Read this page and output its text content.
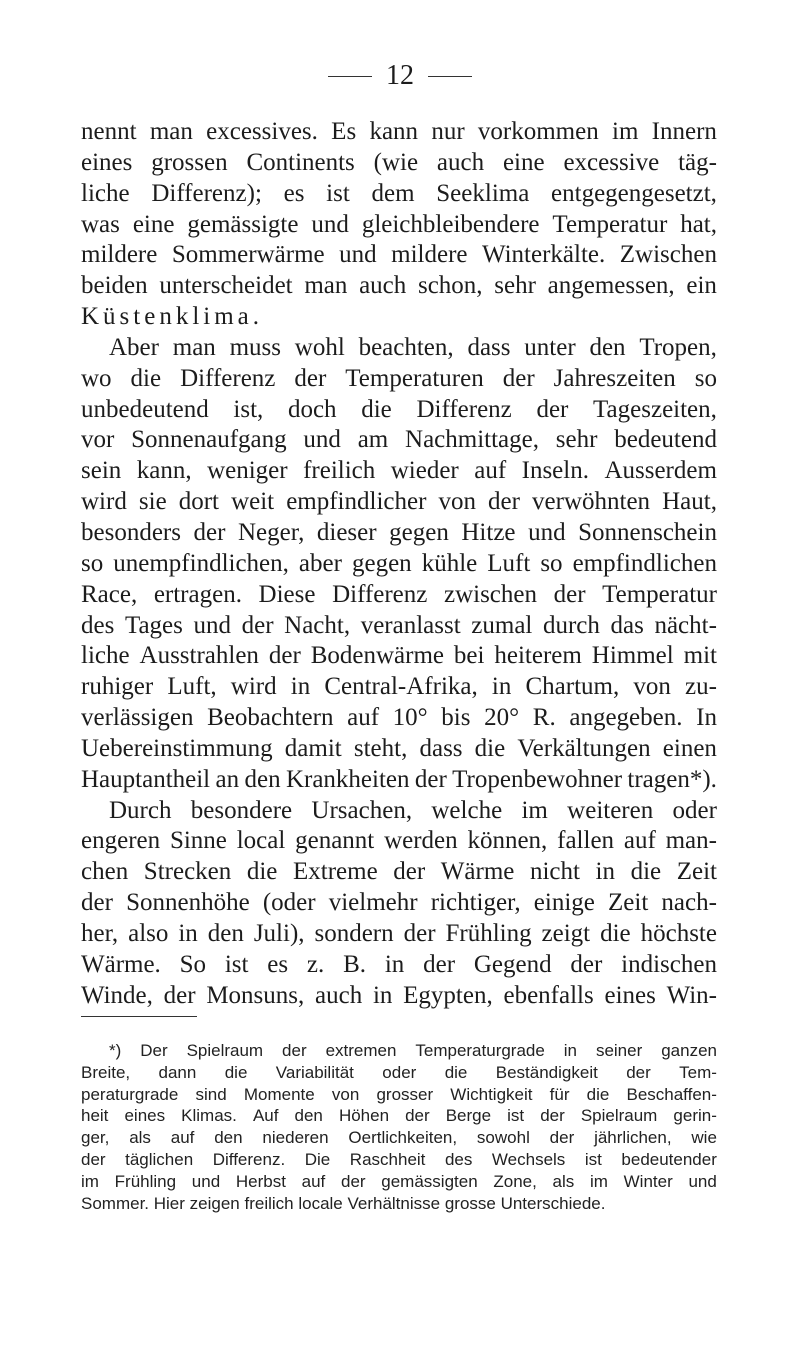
12
nennt man excessives. Es kann nur vorkommen im Innern
eines grossen Continents (wie auch eine excessive täg-
liche Differenz); es ist dem Seeklima entgegengesetzt,
was eine gemässigte und gleichbleibendere Temperatur hat,
mildere Sommerwärme und mildere Winterkälte. Zwischen
beiden unterscheidet man auch schon, sehr angemessen, ein
Küstenklima.
Aber man muss wohl beachten, dass unter den Tropen,
wo die Differenz der Temperaturen der Jahreszeiten so
unbedeutend ist, doch die Differenz der Tageszeiten,
vor Sonnenaufgang und am Nachmittage, sehr bedeutend
sein kann, weniger freilich wieder auf Inseln. Ausserdem
wird sie dort weit empfindlicher von der verwöhnten Haut,
besonders der Neger, dieser gegen Hitze und Sonnenschein
so unempfindlichen, aber gegen kühle Luft so empfindlichen
Race, ertragen. Diese Differenz zwischen der Temperatur
des Tages und der Nacht, veranlasst zumal durch das nächt-
liche Ausstrahlen der Bodenwärme bei heiterem Himmel mit
ruhiger Luft, wird in Central-Afrika, in Chartum, von zu-
verlässigen Beobachtern auf 10° bis 20° R. angegeben. In
Uebereinstimmung damit steht, dass die Verkältungen einen
Hauptantheil an den Krankheiten der Tropenbewohner tragen*).
Durch besondere Ursachen, welche im weiteren oder
engeren Sinne local genannt werden können, fallen auf man-
chen Strecken die Extreme der Wärme nicht in die Zeit
der Sonnenhöhe (oder vielmehr richtiger, einige Zeit nach-
her, also in den Juli), sondern der Frühling zeigt die höchste
Wärme. So ist es z. B. in der Gegend der indischen
Winde, der Monsuns, auch in Egypten, ebenfalls eines Win-
*) Der Spielraum der extremen Temperaturgrade in seiner ganzen
Breite, dann die Variabilität oder die Beständigkeit der Tem-
peraturgrade sind Momente von grosser Wichtigkeit für die Beschaffen-
heit eines Klimas. Auf den Höhen der Berge ist der Spielraum gerin-
ger, als auf den niederen Oertlichkeiten, sowohl der jährlichen, wie
der täglichen Differenz. Die Raschheit des Wechsels ist bedeutender
im Frühling und Herbst auf der gemässigten Zone, als im Winter und
Sommer. Hier zeigen freilich locale Verhältnisse grosse Unterschiede.
